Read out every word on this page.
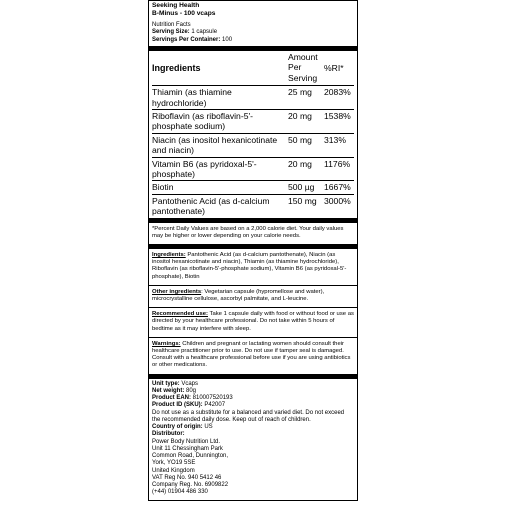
Seeking Health
B-Minus - 100 vcaps
Nutrition Facts
Serving Size: 1 capsule
Servings Per Container: 100
Ingredients	Amount Per Serving	%RI*
Thiamin (as thiamine hydrochloride)	25 mg	2083%
Riboflavin (as riboflavin-5'-phosphate sodium)	20 mg	1538%
Niacin (as inositol hexanicotinate and niacin)	50 mg	313%
Vitamin B6 (as pyridoxal-5'-phosphate)	20 mg	1176%
Biotin	500 µg	1667%
Pantothenic Acid (as d-calcium pantothenate)	150 mg	3000%

*Percent Daily Values are based on a 2,000 calorie diet. Your daily values may be higher or lower depending on your calorie needs.

Ingredients: Pantothenic Acid (as d-calcium pantothenate), Niacin (as inositol hexanicotinate and niacin), Thiamin (as thiamine hydrochloride), Riboflavin (as riboflavin-5'-phosphate sodium), Vitamin B6 (as pyridoxal-5'-phosphate), Biotin

Other ingredients: Vegetarian capsule (hypromellose and water), microcrystalline cellulose, ascorbyl palmitate, and L-leucine.

Recommended use: Take 1 capsule daily with food or without food or use as directed by your healthcare professional. Do not take within 5 hours of bedtime as it may interfere with sleep.

Warnings: Children and pregnant or lactating women should consult their healthcare practitioner prior to use. Do not use if tamper seal is damaged. Consult with a healthcare professional before use if you are using antibiotics or other medications.

Unit type: Vcaps
Net weight: 80g
Product EAN: 810007520193
Product ID (SKU): P42007

Do not use as a substitute for a balanced and varied diet. Do not exceed the recommended daily dose. Keep out of reach of children.

Country of origin: US
Distributor:
Power Body Nutrition Ltd.
Unit 11 Chessingham Park
Common Road, Dunnington,
York, YO19 5SE
United Kingdom
VAT Reg No. 940 5412 46
Company Reg. No. 6909822
(+44) 01904 486 330
